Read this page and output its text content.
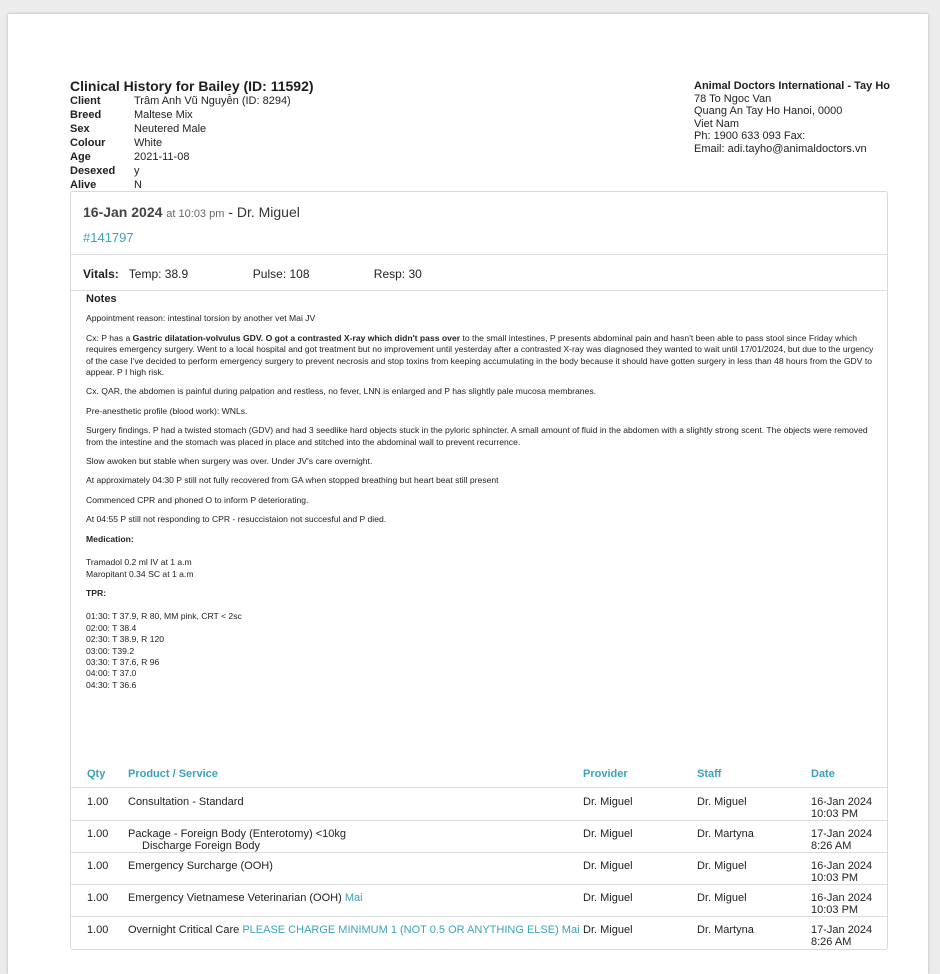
Clinical History for Bailey (ID: 11592)
Client	Trâm Anh Vũ Nguyễn (ID: 8294)
Breed	Maltese Mix
Sex	Neutered Male
Colour	White
Age	2021-11-08
Desexed	y
Alive	N
Animal Doctors International - Tay Ho
78 To Ngoc Van
Quang An Tay Ho Hanoi, 0000
Viet Nam
Ph: 1900 633 093 Fax:
Email: adi.tayho@animaldoctors.vn
16-Jan 2024 at 10:03 pm - Dr. Miguel
#141797
Vitals: Temp: 38.9	Pulse: 108	Resp: 30
Notes

Appointment reason: intestinal torsion by another vet Mai JV

Cx: P has a Gastric dilatation-volvulus GDV. O got a contrasted X-ray which didn't pass over to the small intestines, P presents abdominal pain and hasn't been able to pass stool since Friday which requires emergency surgery. Went to a local hospital and got treatment but no improvement until yesterday after a contrasted X-ray was diagnosed they wanted to wait until 17/01/2024, but due to the urgency of the case I've decided to perform emergency surgery to prevent necrosis and stop toxins from keeping accumulating in the body because it should have gotten surgery in less than 48 hours from the GDV to appear. P I high risk.

Cx. QAR, the abdomen is painful during palpation and restless, no fever, LNN is enlarged and P has slightly pale mucosa membranes.

Pre-anesthetic profile (blood work): WNLs.

Surgery findings. P had a twisted stomach (GDV) and had 3 seedlike hard objects stuck in the pyloric sphincter. A small amount of fluid in the abdomen with a slightly strong scent. The objects were removed from the intestine and the stomach was placed in place and stitched into the abdominal wall to prevent recurrence.

Slow awoken but stable when surgery was over. Under JV's care overnight.

At approximately 04:30 P still not fully recovered from GA when stopped breathing but heart beat still present

Commenced CPR and phoned O to inform P deteriorating.

At 04:55 P still not responding to CPR - resuccistaion not succesful and P died.

Medication:
Tramadol 0.2 ml IV at 1 a.m
Maropitant 0.34 SC at 1 a.m
TPR:
01:30: T 37.9, R 80, MM pink, CRT < 2sc
02:00: T 38.4
02:30: T 38.9, R 120
03:00: T39.2
03:30: T 37.6, R 96
04:00: T 37.0
04:30: T 36.6
Qty Product / Service	Provider	Staff	Date
1.00 Consultation - Standard	Dr. Miguel	Dr. Miguel	16-Jan 2024
10:03 PM
1.00 Package - Foreign Body (Enterotomy) <10kg
Discharge Foreign Body
Dr. Miguel	Dr. Martyna	17-Jan 2024
8:26 AM
1.00 Emergency Surcharge (OOH)	Dr. Miguel	Dr. Miguel	16-Jan 2024
10:03 PM
1.00 Emergency Vietnamese Veterinarian (OOH) Mai	Dr. Miguel	Dr. Miguel	16-Jan 2024
10:03 PM
1.00 Overnight Critical Care PLEASE CHARGE MINIMUM 1 (NOT 0.5 OR ANYTHING ELSE) Mai Dr. Miguel	Dr. Martyna	17-Jan 2024
8:26 AM
